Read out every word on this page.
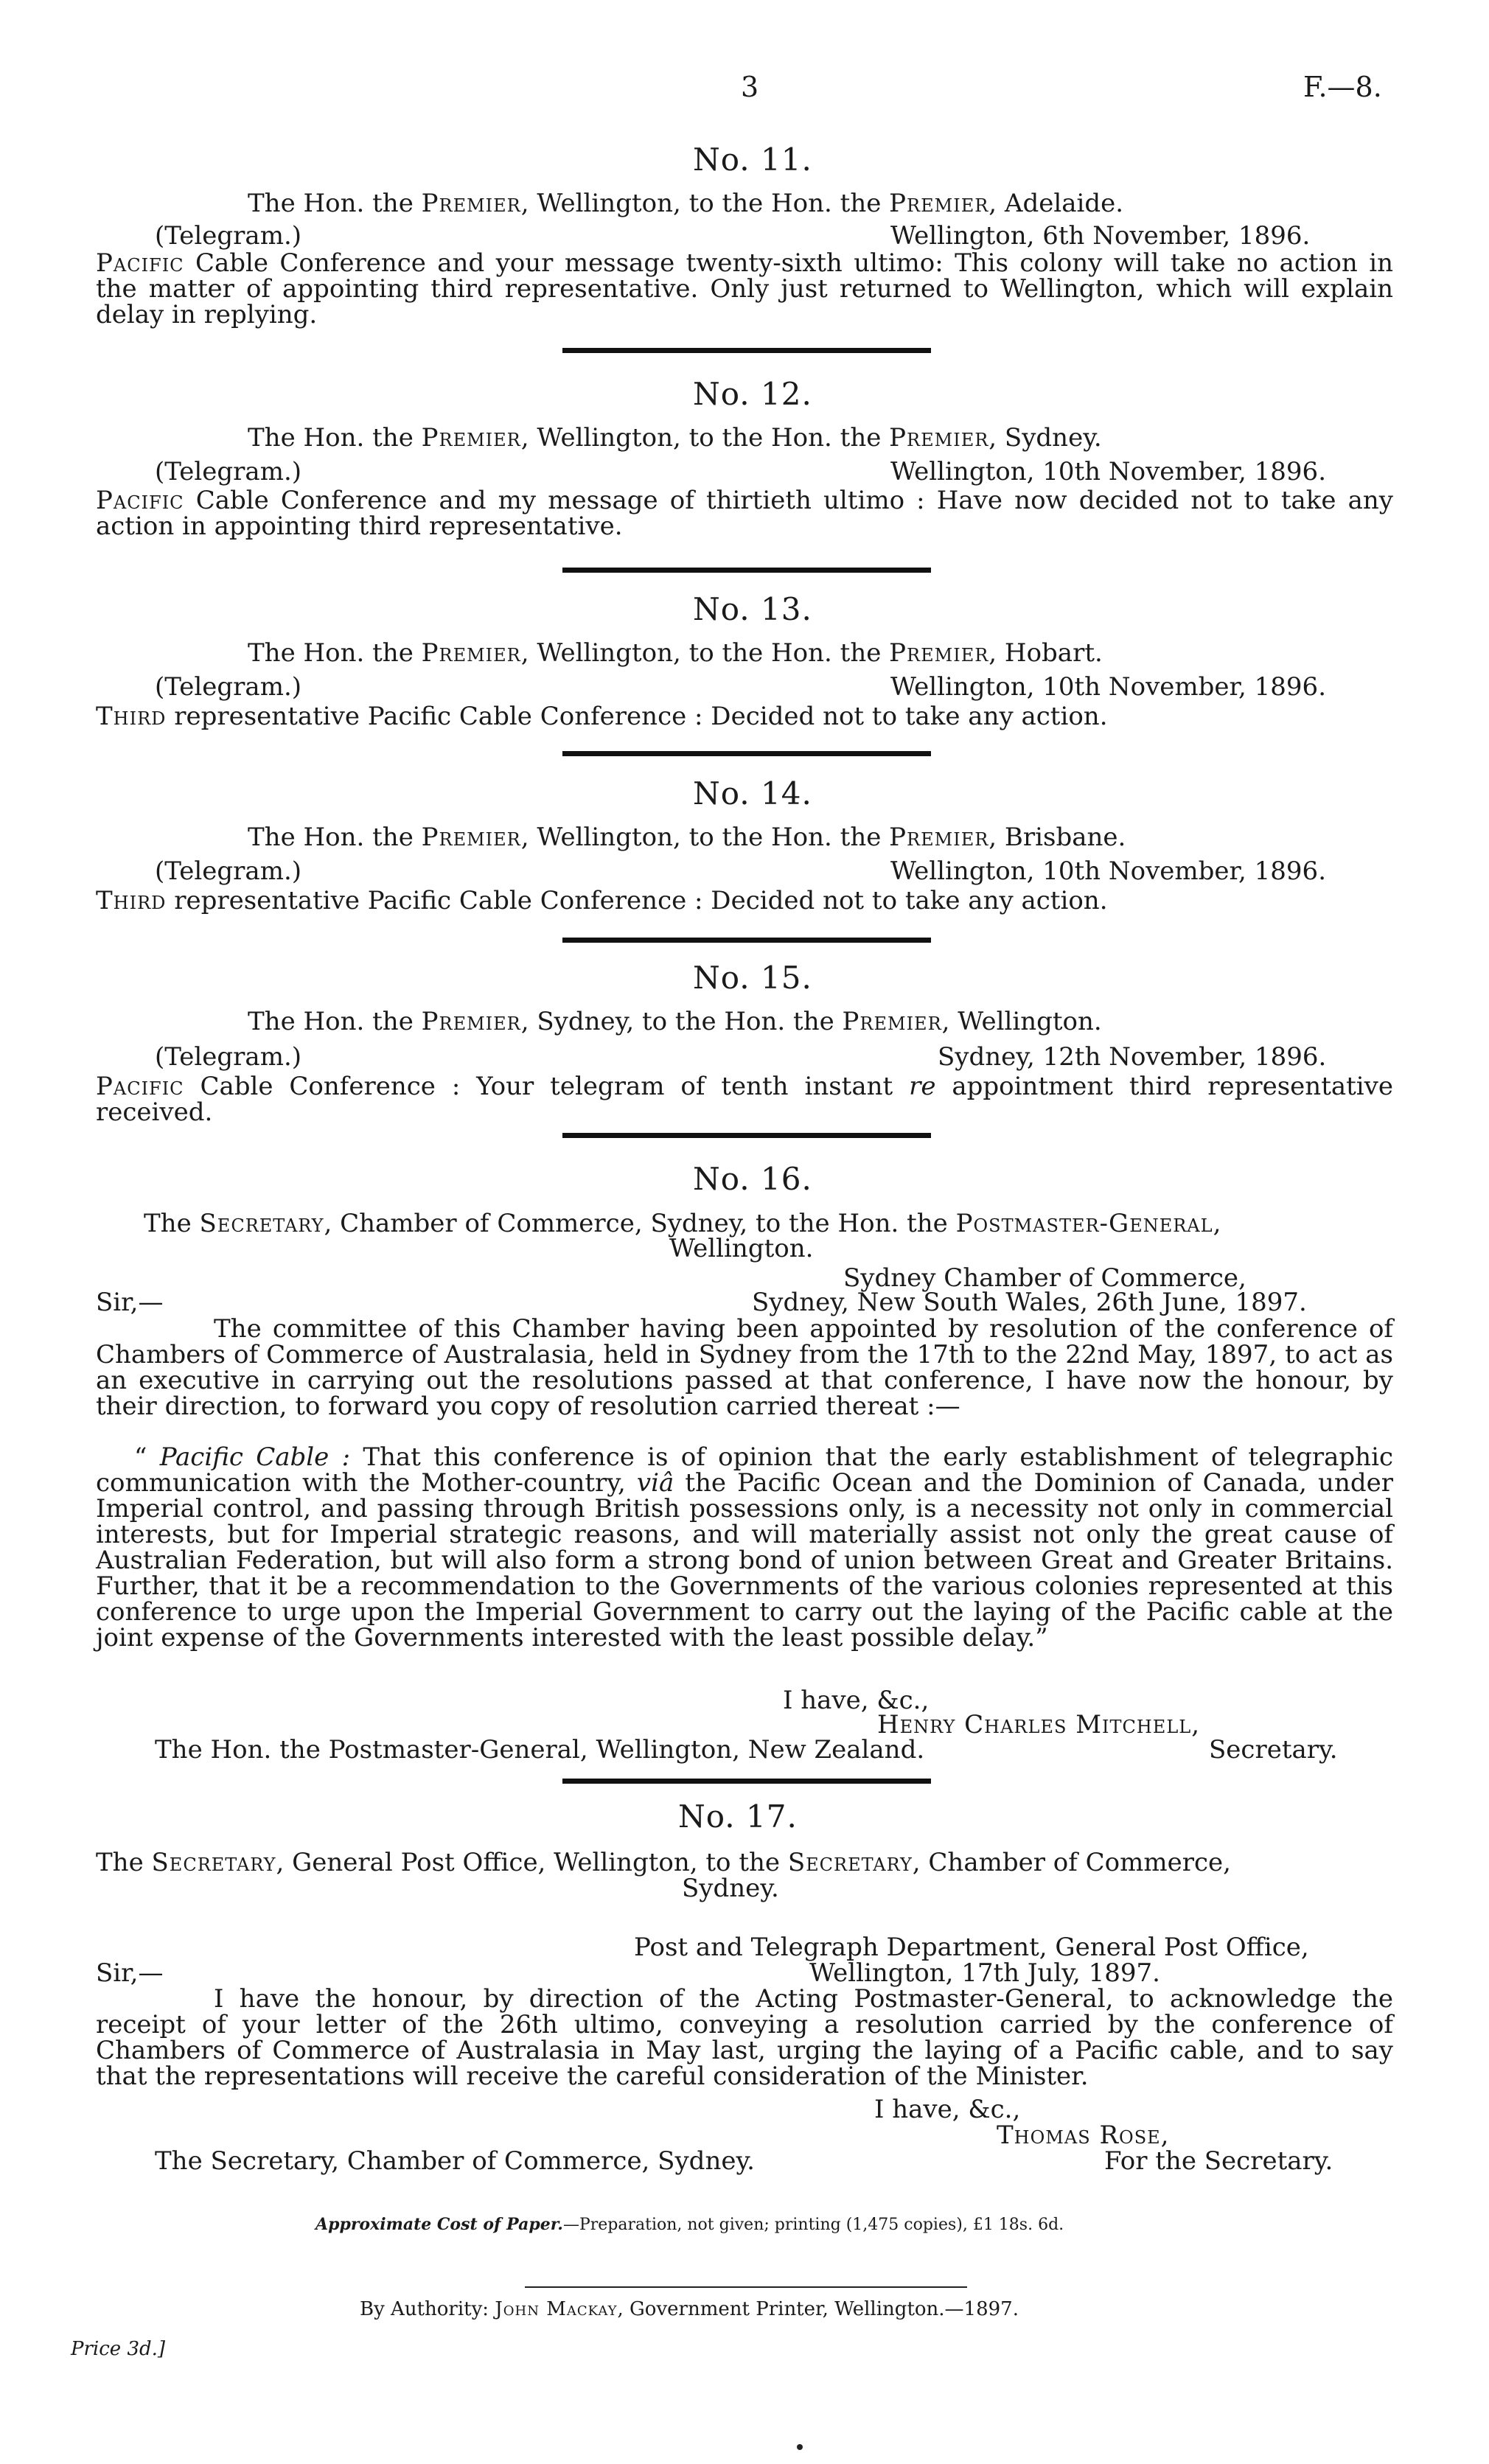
3	F.—8.
No. 11.
The Hon. the Premier, Wellington, to the Hon. the Premier, Adelaide.
(Telegram.)	Wellington, 6th November, 1896.
Pacific Cable Conference and your message twenty-sixth ultimo: This colony will take no action in the matter of appointing third representative. Only just returned to Wellington, which will explain delay in replying.
No. 12.
The Hon. the Premier, Wellington, to the Hon. the Premier, Sydney.
(Telegram.)	Wellington, 10th November, 1896.
Pacific Cable Conference and my message of thirtieth ultimo : Have now decided not to take any action in appointing third representative.
No. 13.
The Hon. the Premier, Wellington, to the Hon. the Premier, Hobart.
(Telegram.)	Wellington, 10th November, 1896.
Third representative Pacific Cable Conference : Decided not to take any action.
No. 14.
The Hon. the Premier, Wellington, to the Hon. the Premier, Brisbane.
(Telegram.)	Wellington, 10th November, 1896.
Third representative Pacific Cable Conference : Decided not to take any action.
No. 15.
The Hon. the Premier, Sydney, to the Hon. the Premier, Wellington.
(Telegram.)	Sydney, 12th November, 1896.
Pacific Cable Conference : Your telegram of tenth instant re appointment third representative received.
No. 16.
The Secretary, Chamber of Commerce, Sydney, to the Hon. the Postmaster-General,
Wellington.
Sydney Chamber of Commerce,
Sir,—	Sydney, New South Wales, 26th June, 1897.
The committee of this Chamber having been appointed by resolution of the conference of Chambers of Commerce of Australasia, held in Sydney from the 17th to the 22nd May, 1897, to act as an executive in carrying out the resolutions passed at that conference, I have now the honour, by their direction, to forward you copy of resolution carried thereat :—
“ Pacific Cable : That this conference is of opinion that the early establishment of telegraphic communication with the Mother-country, viâ the Pacific Ocean and the Dominion of Canada, under Imperial control, and passing through British possessions only, is a necessity not only in commercial interests, but for Imperial strategic reasons, and will materially assist not only the great cause of Australian Federation, but will also form a strong bond of union between Great and Greater Britains. Further, that it be a recommendation to the Governments of the various colonies represented at this conference to urge upon the Imperial Government to carry out the laying of the Pacific cable at the joint expense of the Governments interested with the least possible delay.”
I have, &c.,
Henry Charles Mitchell,
The Hon. the Postmaster-General, Wellington, New Zealand.	Secretary.
No. 17.
The Secretary, General Post Office, Wellington, to the Secretary, Chamber of Commerce,
Sydney.
Post and Telegraph Department, General Post Office,
Sir,—	Wellington, 17th July, 1897.
I have the honour, by direction of the Acting Postmaster-General, to acknowledge the receipt of your letter of the 26th ultimo, conveying a resolution carried by the conference of Chambers of Commerce of Australasia in May last, urging the laying of a Pacific cable, and to say that the representations will receive the careful consideration of the Minister.
I have, &c.,
Thomas Rose,
The Secretary, Chamber of Commerce, Sydney.	For the Secretary.
Approximate Cost of Paper.—Preparation, not given; printing (1,475 copies), £1 18s. 6d.
By Authority: John Mackay, Government Printer, Wellington.—1897.
Price 3d.]
